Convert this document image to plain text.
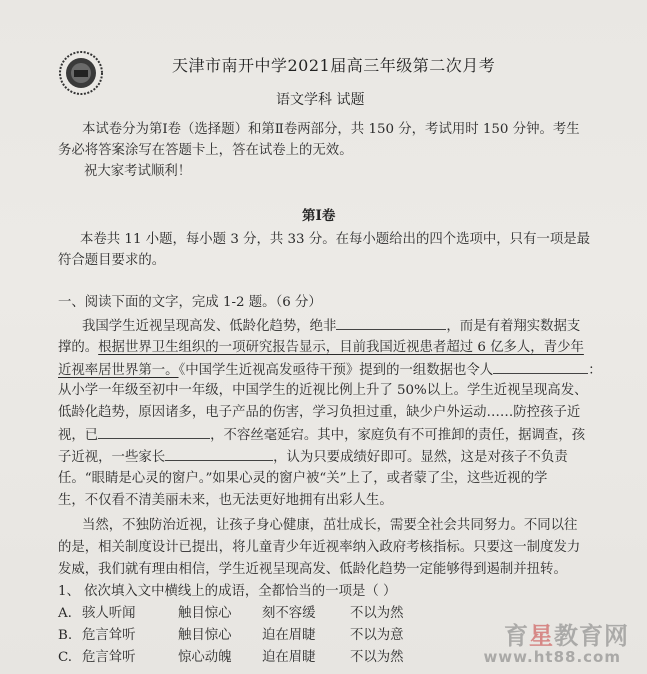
天津市南开中学2021届高三年级第二次月考
语文学科 试题
本试卷分为第Ⅰ卷（选择题）和第Ⅱ卷两部分，共 150 分，考试用时 150 分钟。考生
务必将答案涂写在答题卡上，答在试卷上的无效。
祝大家考试顺利！
第Ⅰ卷
本卷共 11 小题，每小题 3 分，共 33 分。在每小题给出的四个选项中，只有一项是最
符合题目要求的。
一、阅读下面的文字，完成 1-2 题。（6 分）
我国学生近视呈现高发、低龄化趋势，绝非	，而是有着翔实数据支
撑的。根据世界卫生组织的一项研究报告显示，目前我国近视患者超过 6 亿多人，青少年
近视率居世界第一。《中国学生近视高发亟待干预》提到的一组数据也令人	：
从小学一年级至初中一年级，中国学生的近视比例上升了 50%以上。学生近视呈现高发、
低龄化趋势，原因诸多，电子产品的伤害，学习负担过重，缺少户外运动……防控孩子近
视，已	，不容丝毫延宕。其中，家庭负有不可推卸的责任，据调查，孩
子近视，一些家长	，认为只要成绩好即可。显然，这是对孩子不负责
任。“眼睛是心灵的窗户。”如果心灵的窗户被“关”上了，或者蒙了尘，这些近视的学
生，不仅看不清美丽未来，也无法更好地拥有出彩人生。
当然，不独防治近视，让孩子身心健康，茁壮成长，需要全社会共同努力。不同以往
的是，相关制度设计已提出，将儿童青少年近视率纳入政府考核指标。只要这一制度发力
发威，我们就有理由相信，学生近视呈现高发、低龄化趋势一定能够得到遏制并扭转。
1、 依次填入文中横线上的成语，全都恰当的一项是（ ）
A. 骇人听闻	触目惊心 刻不容缓	不以为然
B. 危言耸听	触目惊心 迫在眉睫	不以为意
C. 危言耸听	惊心动魄 迫在眉睫	不以为然
育星教育网
www.ht88.com
